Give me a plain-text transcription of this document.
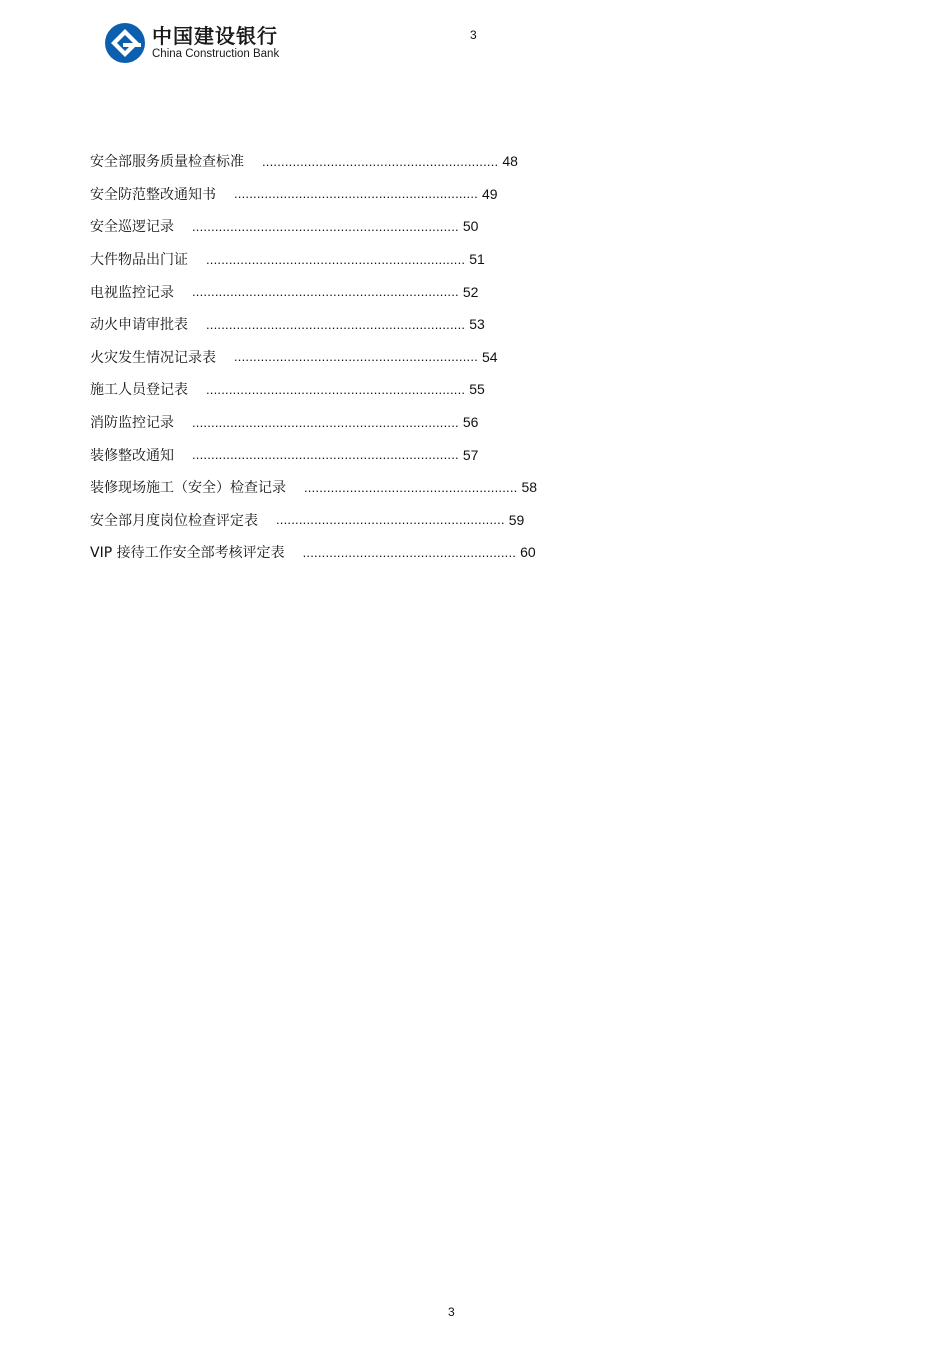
中国建设银行
China Construction Bank
3
安全部服务质量检查标准 .............................................................. 48
安全防范整改通知书 ................................................................ 49
安全巡逻记录 ...................................................................... 50
大件物品出门证 .................................................................... 51
电视监控记录 ...................................................................... 52
动火申请审批表 .................................................................... 53
火灾发生情况记录表 ................................................................ 54
施工人员登记表 .................................................................... 55
消防监控记录 ...................................................................... 56
装修整改通知 ...................................................................... 57
装修现场施工（安全）检查记录 ........................................................ 58
安全部月度岗位检查评定表 ............................................................ 59
VIP 接待工作安全部考核评定表 ........................................................ 60
3
